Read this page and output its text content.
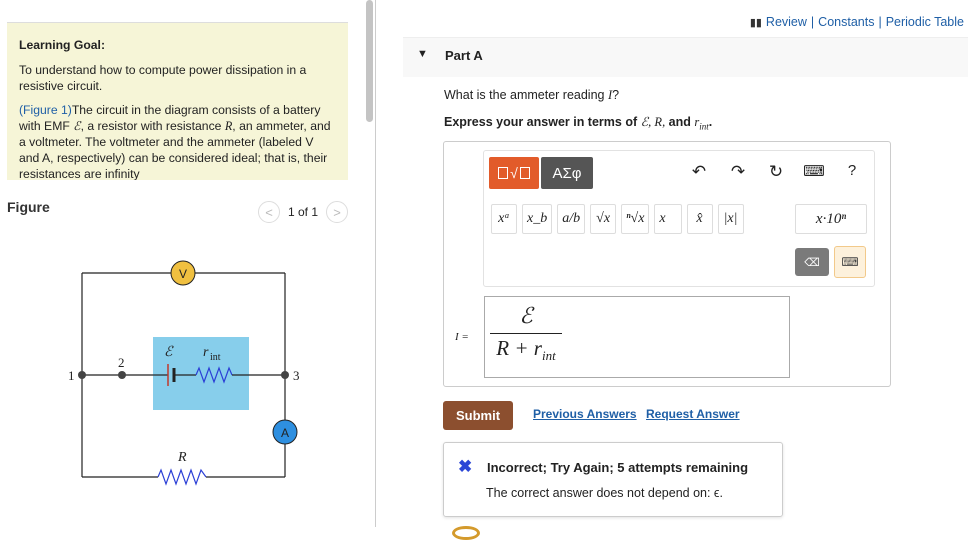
Learning Goal:

To understand how to compute power dissipation in a resistive circuit.

(Figure 1)The circuit in the diagram consists of a battery with EMF ℰ, a resistor with resistance R, an ammeter, and a voltmeter. The voltmeter and the ammeter (labeled V and A, respectively) can be considered ideal; that is, their resistances are infinity

Figure	<	1 of 1	>
V
A
1
2
3
ℰ r int
R
▮▮ Review | Constants | Periodic Table
▼ Part A
What is the ammeter reading I?
Express your answer in terms of ℰ, R, and $r_{int}$.
√	ΑΣφ	↶ ↷ ↻ ⌨	?
xᵃ	x_b	a/b	√x	ⁿ√x	x⃗	x̂	|x|	x·10ⁿ
⌫	⌨
I =
ℰ
$R + r_{int}$
Submit	Previous Answers Request Answer
✖ Incorrect; Try Again; 5 attempts remaining
The correct answer does not depend on: ϵ.
